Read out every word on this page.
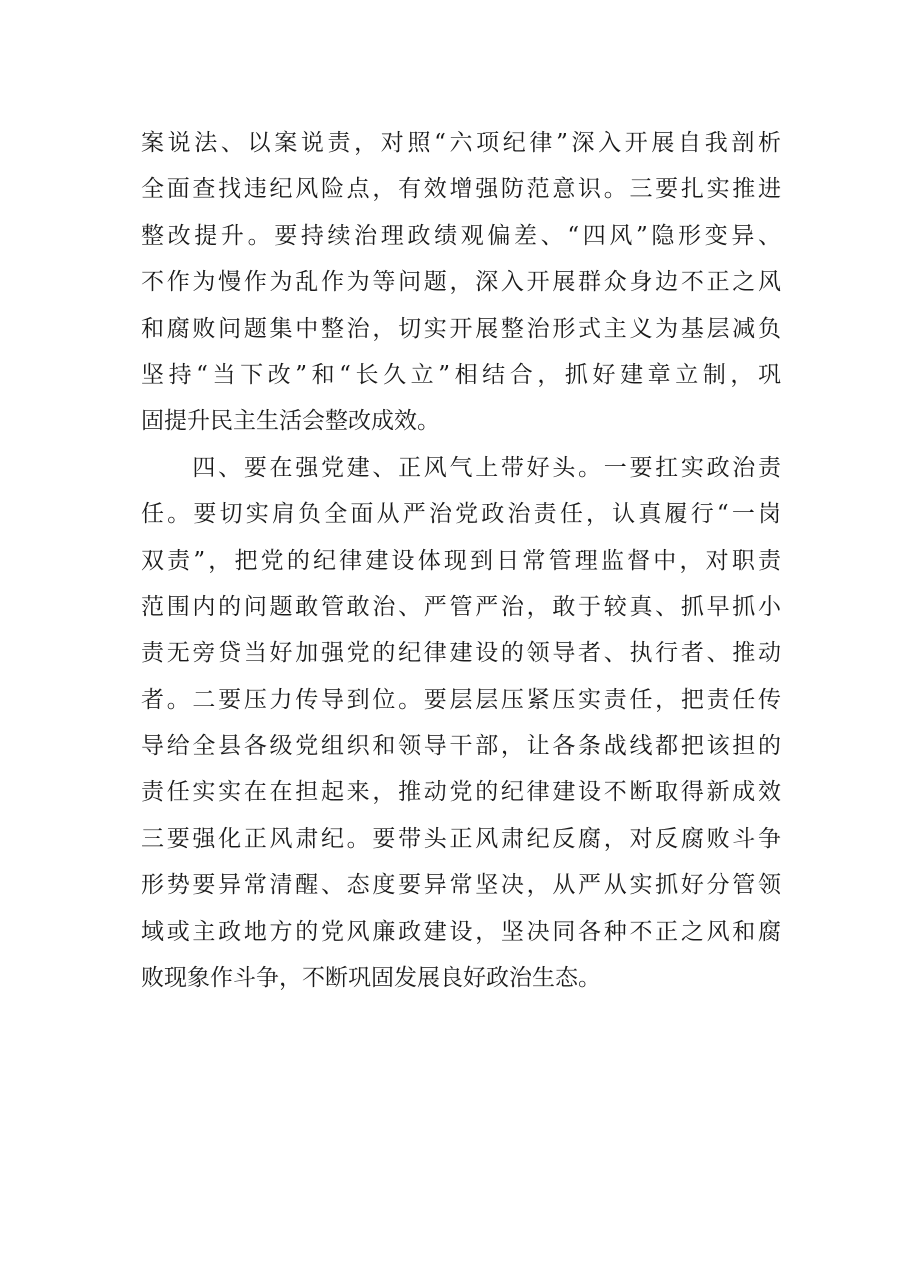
案说法、以案说责，对照“六项纪律”深入开展自我剖析
全面查找违纪风险点，有效增强防范意识。三要扎实推进
整改提升。要持续治理政绩观偏差、“四风”隐形变异、
不作为慢作为乱作为等问题，深入开展群众身边不正之风
和腐败问题集中整治，切实开展整治形式主义为基层减负
坚持“当下改”和“长久立”相结合，抓好建章立制，巩
固提升民主生活会整改成效。
　　四、要在强党建、正风气上带好头。一要扛实政治责
任。要切实肩负全面从严治党政治责任，认真履行“一岗
双责”，把党的纪律建设体现到日常管理监督中，对职责
范围内的问题敢管敢治、严管严治，敢于较真、抓早抓小
责无旁贷当好加强党的纪律建设的领导者、执行者、推动
者。二要压力传导到位。要层层压紧压实责任，把责任传
导给全县各级党组织和领导干部，让各条战线都把该担的
责任实实在在担起来，推动党的纪律建设不断取得新成效
三要强化正风肃纪。要带头正风肃纪反腐，对反腐败斗争
形势要异常清醒、态度要异常坚决，从严从实抓好分管领
域或主政地方的党风廉政建设，坚决同各种不正之风和腐
败现象作斗争，不断巩固发展良好政治生态。
